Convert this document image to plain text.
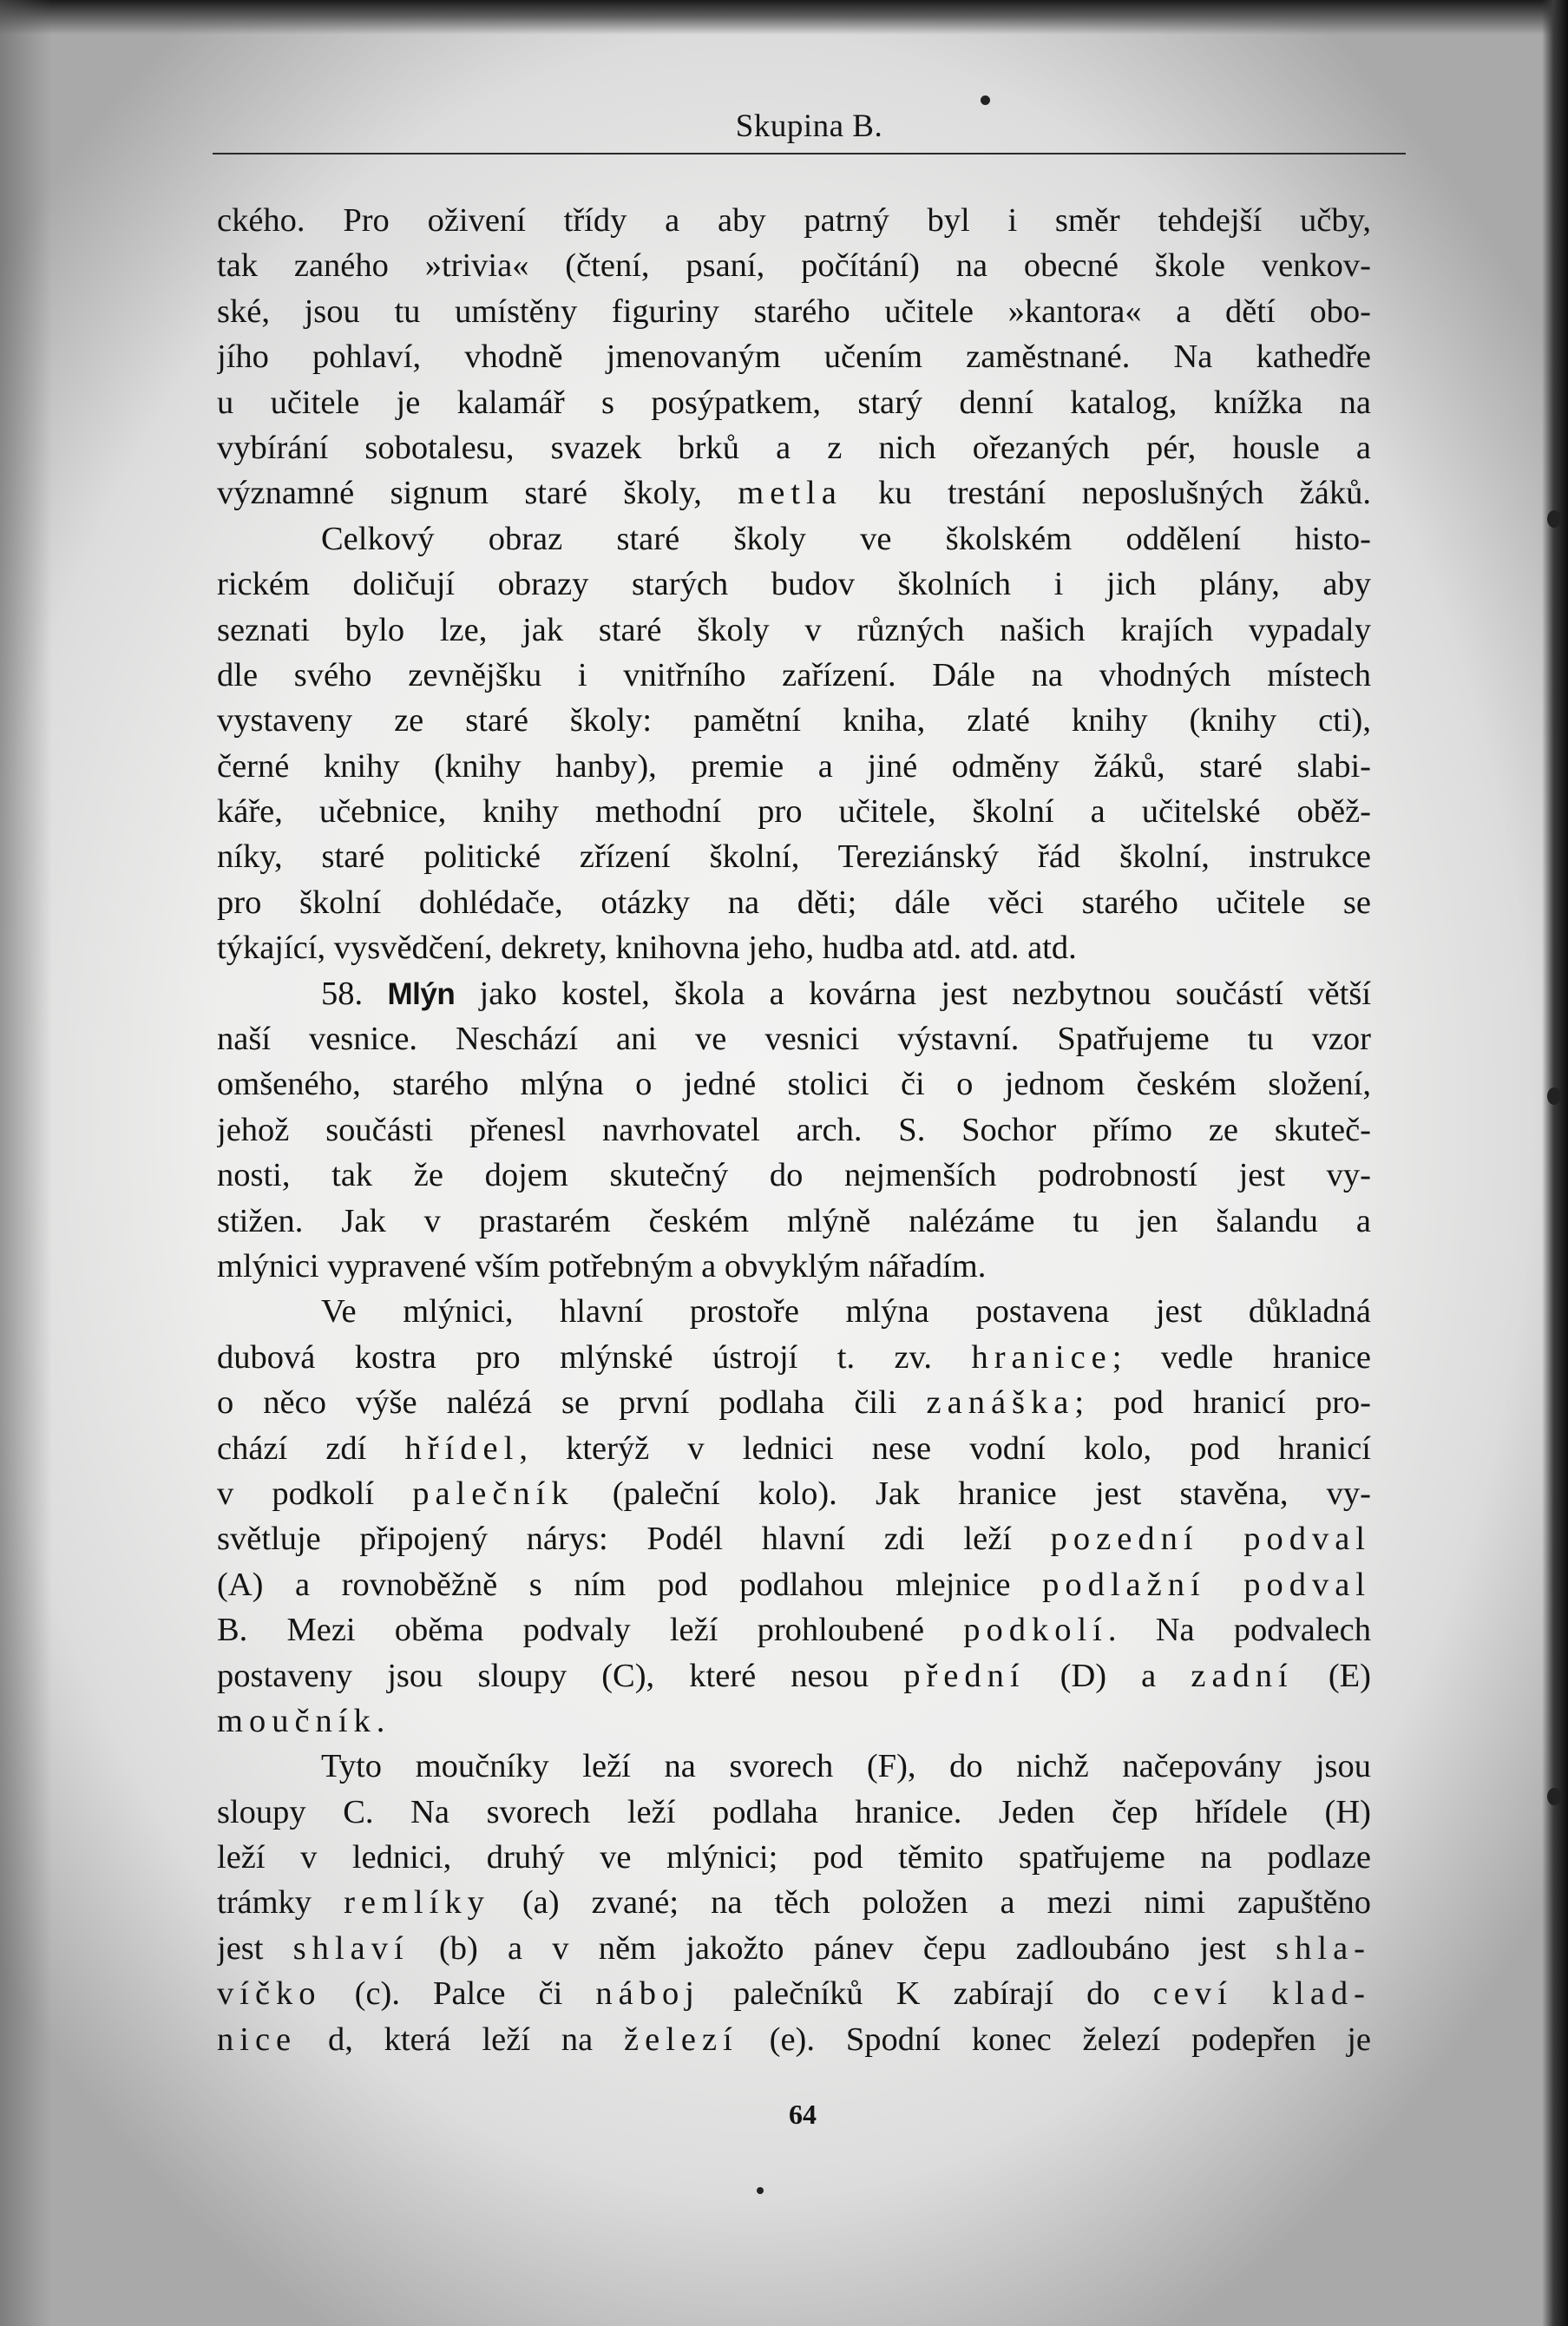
Skupina B.
ckého. Pro oživení třídy a aby patrný byl i směr tehdejší učby,
tak zaného »trivia« (čtení, psaní, počítání) na obecné škole venkov-
ské, jsou tu umístěny figuriny starého učitele »kantora« a dětí obo-
jího pohlaví, vhodně jmenovaným učením zaměstnané. Na kathedře
u učitele je kalamář s posýpatkem, starý denní katalog, knížka na
vybírání sobotalesu, svazek brků a z nich ořezaných pér, housle a
významné signum staré školy, metla ku trestání neposlušných žáků.
Celkový obraz staré školy ve školském oddělení histo-
rickém doličují obrazy starých budov školních i jich plány, aby
seznati bylo lze, jak staré školy v různých našich krajích vypadaly
dle svého zevnějšku i vnitřního zařízení. Dále na vhodných místech
vystaveny ze staré školy: pamětní kniha, zlaté knihy (knihy cti),
černé knihy (knihy hanby), premie a jiné odměny žáků, staré slabi-
káře, učebnice, knihy methodní pro učitele, školní a učitelské oběž-
níky, staré politické zřízení školní, Tereziánský řád školní, instrukce
pro školní dohlédače, otázky na děti; dále věci starého učitele se
týkající, vysvědčení, dekrety, knihovna jeho, hudba atd. atd. atd.
58. Mlýn jako kostel, škola a kovárna jest nezbytnou součástí větší
naší vesnice. Neschází ani ve vesnici výstavní. Spatřujeme tu vzor
omšeného, starého mlýna o jedné stolici či o jednom českém složení,
jehož součásti přenesl navrhovatel arch. S. Sochor přímo ze skuteč-
nosti, tak že dojem skutečný do nejmenších podrobností jest vy-
stižen. Jak v prastarém českém mlýně nalézáme tu jen šalandu a
mlýnici vypravené vším potřebným a obvyklým nářadím.
Ve mlýnici, hlavní prostoře mlýna postavena jest důkladná
dubová kostra pro mlýnské ústrojí t. zv. hranice; vedle hranice
o něco výše nalézá se první podlaha čili zanáška; pod hranicí pro-
chází zdí hřídel, kterýž v lednici nese vodní kolo, pod hranicí
v podkolí palečník (paleční kolo). Jak hranice jest stavěna, vy-
světluje připojený nárys: Podél hlavní zdi leží pozední podval
(A) a rovnoběžně s ním pod podlahou mlejnice podlažní podval
B. Mezi oběma podvaly leží prohloubené podkolí. Na podvalech
postaveny jsou sloupy (C), které nesou přední (D) a zadní (E)
moučník.
Tyto moučníky leží na svorech (F), do nichž načepovány jsou
sloupy C. Na svorech leží podlaha hranice. Jeden čep hřídele (H)
leží v lednici, druhý ve mlýnici; pod těmito spatřujeme na podlaze
trámky remlíky (a) zvané; na těch položen a mezi nimi zapuštěno
jest shlaví (b) a v něm jakožto pánev čepu zadloubáno jest shla-
víčko (c). Palce či náboj palečníků K zabírají do ceví klad-
nice d, která leží na železí (e). Spodní konec železí podepřen je
64
